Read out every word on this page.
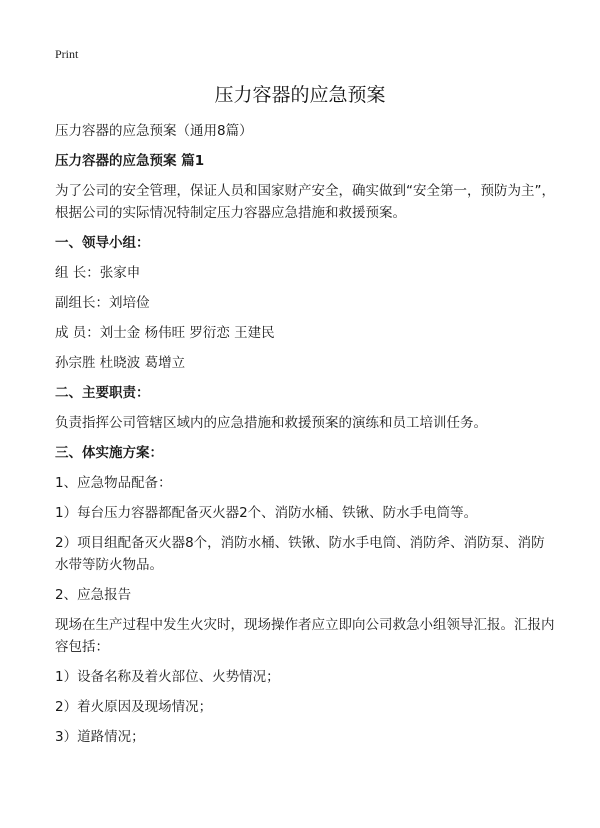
Print
压力容器的应急预案

压力容器的应急预案（通用8篇）

压力容器的应急预案 篇1

为了公司的安全管理，保证人员和国家财产安全，确实做到“安全第一，预防为主”，根据公司的实际情况特制定压力容器应急措施和救援预案。

一、领导小组：

组 长：张家申

副组长：刘培俭

成 员：刘士金 杨伟旺 罗衍恋 王建民

孙宗胜 杜晓波 葛增立

二、主要职责：

负责指挥公司管辖区域内的应急措施和救援预案的演练和员工培训任务。

三、体实施方案：

1、应急物品配备：

1）每台压力容器都配备灭火器2个、消防水桶、铁锹、防水手电筒等。

2）项目组配备灭火器8个，消防水桶、铁锹、防水手电筒、消防斧、消防泵、消防水带等防火物品。

2、应急报告

现场在生产过程中发生火灾时，现场操作者应立即向公司救急小组领导汇报。汇报内容包括：

1）设备名称及着火部位、火势情况；

2）着火原因及现场情况；

3）道路情况；
